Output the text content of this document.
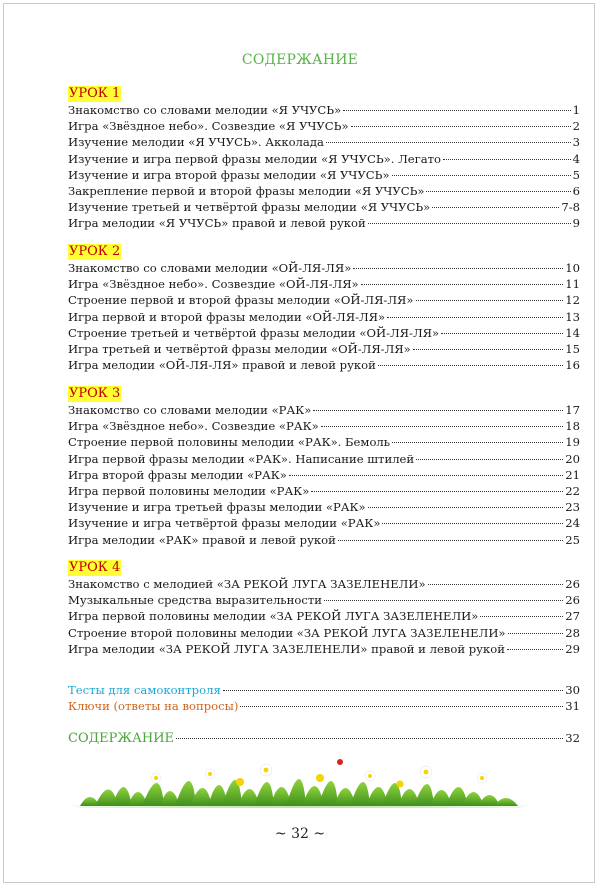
СОДЕРЖАНИЕ
УРОК 1
Знакомство со словами мелодии «Я УЧУСЬ»	1
Игра «Звёздное небо». Созвездие «Я УЧУСЬ»	2
Изучение мелодии «Я УЧУСЬ». Акколада	3
Изучение и игра первой фразы мелодии «Я УЧУСЬ». Легато	4
Изучение и игра второй фразы мелодии «Я УЧУСЬ»	5
Закрепление первой и второй фразы мелодии «Я УЧУСЬ»	6
Изучение третьей и четвёртой фразы мелодии «Я УЧУСЬ»	7-8
Игра мелодии «Я УЧУСЬ» правой и левой рукой	9
УРОК 2
Знакомство со словами мелодии «ОЙ-ЛЯ-ЛЯ»	10
Игра «Звёздное небо». Созвездие «ОЙ-ЛЯ-ЛЯ»	11
Строение первой и второй фразы мелодии «ОЙ-ЛЯ-ЛЯ»	12
Игра первой и второй фразы мелодии «ОЙ-ЛЯ-ЛЯ»	13
Строение третьей и четвёртой фразы мелодии «ОЙ-ЛЯ-ЛЯ»	14
Игра третьей и четвёртой фразы мелодии «ОЙ-ЛЯ-ЛЯ»	15
Игра мелодии «ОЙ-ЛЯ-ЛЯ» правой и левой рукой	16
УРОК 3
Знакомство со словами мелодии «РАК»	17
Игра «Звёздное небо». Созвездие «РАК»	18
Строение первой половины мелодии «РАК». Бемоль	19
Игра первой фразы мелодии «РАК». Написание штилей	20
Игра второй фразы мелодии «РАК»	21
Игра первой половины мелодии «РАК»	22
Изучение и игра третьей фразы мелодии «РАК»	23
Изучение и игра четвёртой фразы мелодии «РАК»	24
Игра мелодии «РАК» правой и левой рукой	25
УРОК 4
Знакомство с мелодией «ЗА РЕКОЙ ЛУГА ЗАЗЕЛЕНЕЛИ»	26
Музыкальные средства выразительности	26
Игра первой половины мелодии «ЗА РЕКОЙ ЛУГА ЗАЗЕЛЕНЕЛИ»	27
Строение второй половины мелодии «ЗА РЕКОЙ ЛУГА ЗАЗЕЛЕНЕЛИ»	28
Игра мелодии «ЗА РЕКОЙ ЛУГА ЗАЗЕЛЕНЕЛИ» правой и левой рукой	29
Тесты для самоконтроля	30
Ключи (ответы на вопросы)	31
СОДЕРЖАНИЕ	32
~ 32 ~
